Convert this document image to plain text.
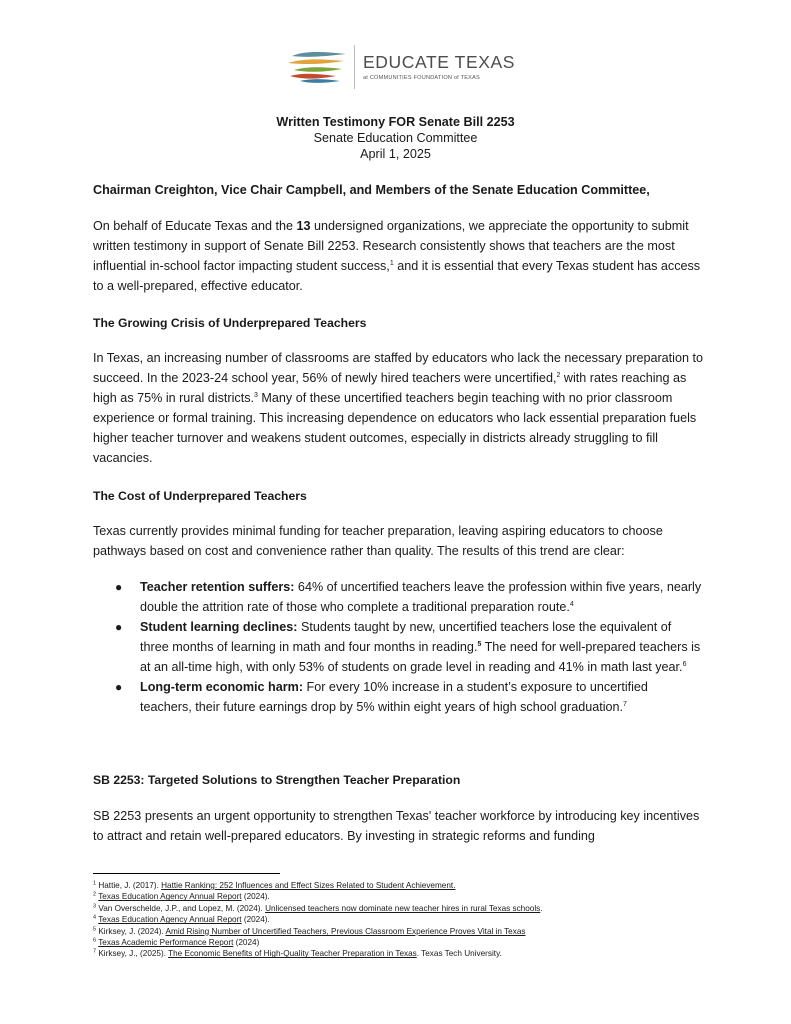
EDUCATE TEXAS
at COMMUNITIES FOUNDATION of TEXAS
Written Testimony FOR Senate Bill 2253
Senate Education Committee
April 1, 2025
Chairman Creighton, Vice Chair Campbell, and Members of the Senate Education Committee,
On behalf of Educate Texas and the 13 undersigned organizations, we appreciate the opportunity to submit written testimony in support of Senate Bill 2253. Research consistently shows that teachers are the most influential in-school factor impacting student success,$^1$ and it is essential that every Texas student has access to a well-prepared, effective educator.
The Growing Crisis of Underprepared Teachers
In Texas, an increasing number of classrooms are staffed by educators who lack the necessary preparation to succeed. In the 2023-24 school year, 56% of newly hired teachers were uncertified,$^2$ with rates reaching as high as 75% in rural districts.$^3$ Many of these uncertified teachers begin teaching with no prior classroom experience or formal training. This increasing dependence on educators who lack essential preparation fuels higher teacher turnover and weakens student outcomes, especially in districts already struggling to fill vacancies.
The Cost of Underprepared Teachers
Texas currently provides minimal funding for teacher preparation, leaving aspiring educators to choose pathways based on cost and convenience rather than quality. The results of this trend are clear:
● Teacher retention suffers: 64% of uncertified teachers leave the profession within five years, nearly double the attrition rate of those who complete a traditional preparation route.$^4$
● Student learning declines: Students taught by new, uncertified teachers lose the equivalent of three months of learning in math and four months in reading.$^5$ The need for well-prepared teachers is at an all-time high, with only 53% of students on grade level in reading and 41% in math last year.$^6$
● Long-term economic harm: For every 10% increase in a student’s exposure to uncertified teachers, their future earnings drop by 5% within eight years of high school graduation.$^7$
SB 2253: Targeted Solutions to Strengthen Teacher Preparation
SB 2253 presents an urgent opportunity to strengthen Texas' teacher workforce by introducing key incentives to attract and retain well-prepared educators. By investing in strategic reforms and funding
$^1$ Hattie, J. (2017). Hattie Ranking: 252 Influences and Effect Sizes Related to Student Achievement.
$^2$ Texas Education Agency Annual Report (2024).
$^3$ Van Overschelde, J.P., and Lopez, M. (2024). Unlicensed teachers now dominate new teacher hires in rural Texas schools.
$^4$ Texas Education Agency Annual Report (2024).
$^5$ Kirksey, J. (2024). Amid Rising Number of Uncertified Teachers, Previous Classroom Experience Proves Vital in Texas
$^6$ Texas Academic Performance Report (2024)
$^7$ Kirksey, J., (2025). The Economic Benefits of High-Quality Teacher Preparation in Texas. Texas Tech University.
